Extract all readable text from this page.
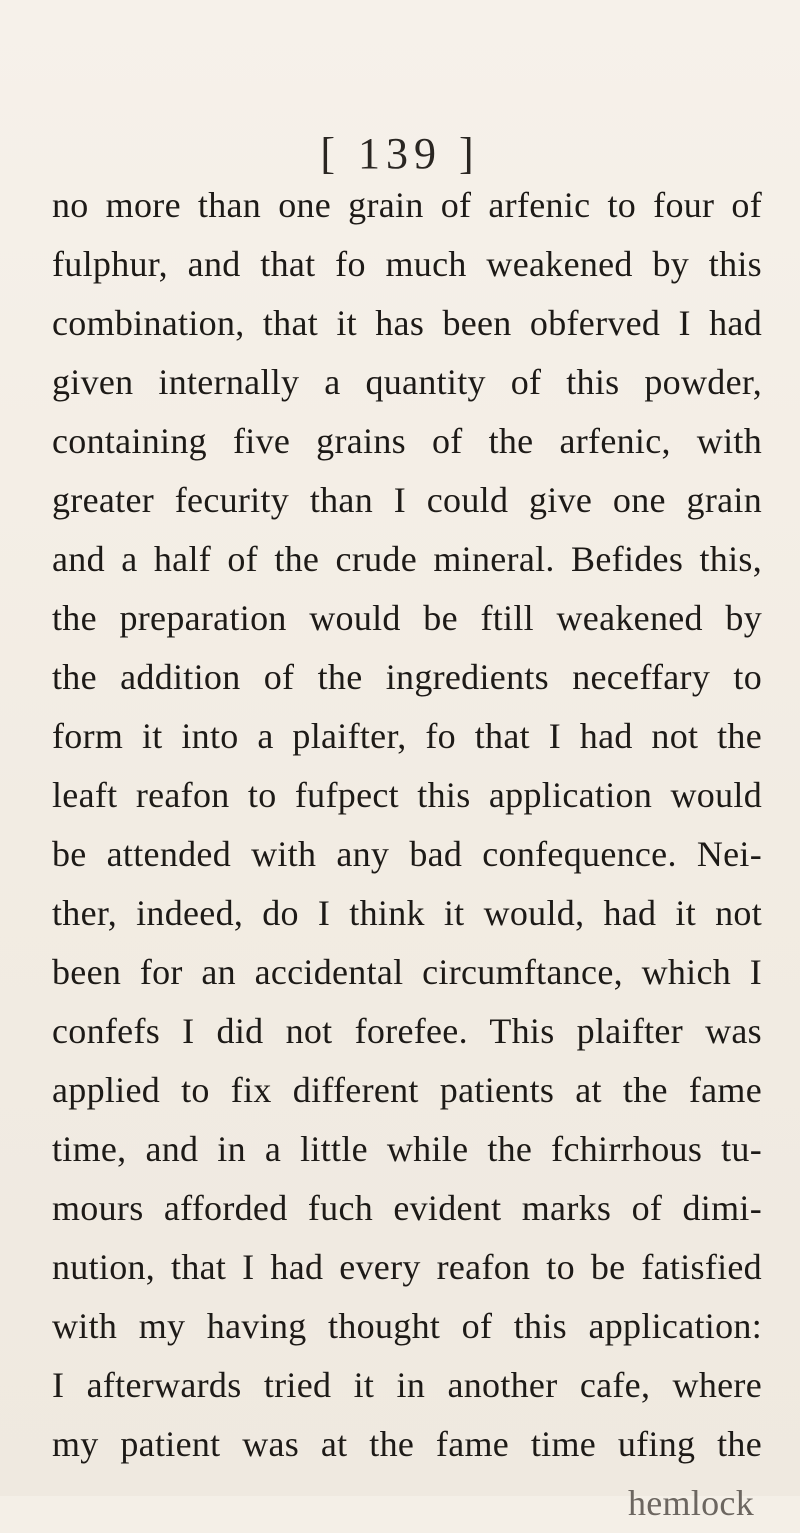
[ 139 ]
no more than one grain of arfenic to four of
fulphur, and that fo much weakened by this
combination, that it has been obferved I had
given internally a quantity of this powder,
containing five grains of the arfenic, with
greater fecurity than I could give one grain
and a half of the crude mineral. Befides this,
the preparation would be ftill weakened by
the addition of the ingredients neceffary to
form it into a plaifter, fo that I had not the
leaft reafon to fufpect this application would
be attended with any bad confequence. Nei-
ther, indeed, do I think it would, had it not
been for an accidental circumftance, which I
confefs I did not forefee. This plaifter was
applied to fix different patients at the fame
time, and in a little while the fchirrhous tu-
mours afforded fuch evident marks of dimi-
nution, that I had every reafon to be fatisfied
with my having thought of this application:
I afterwards tried it in another cafe, where
my patient was at the fame time ufing the
hemlock
